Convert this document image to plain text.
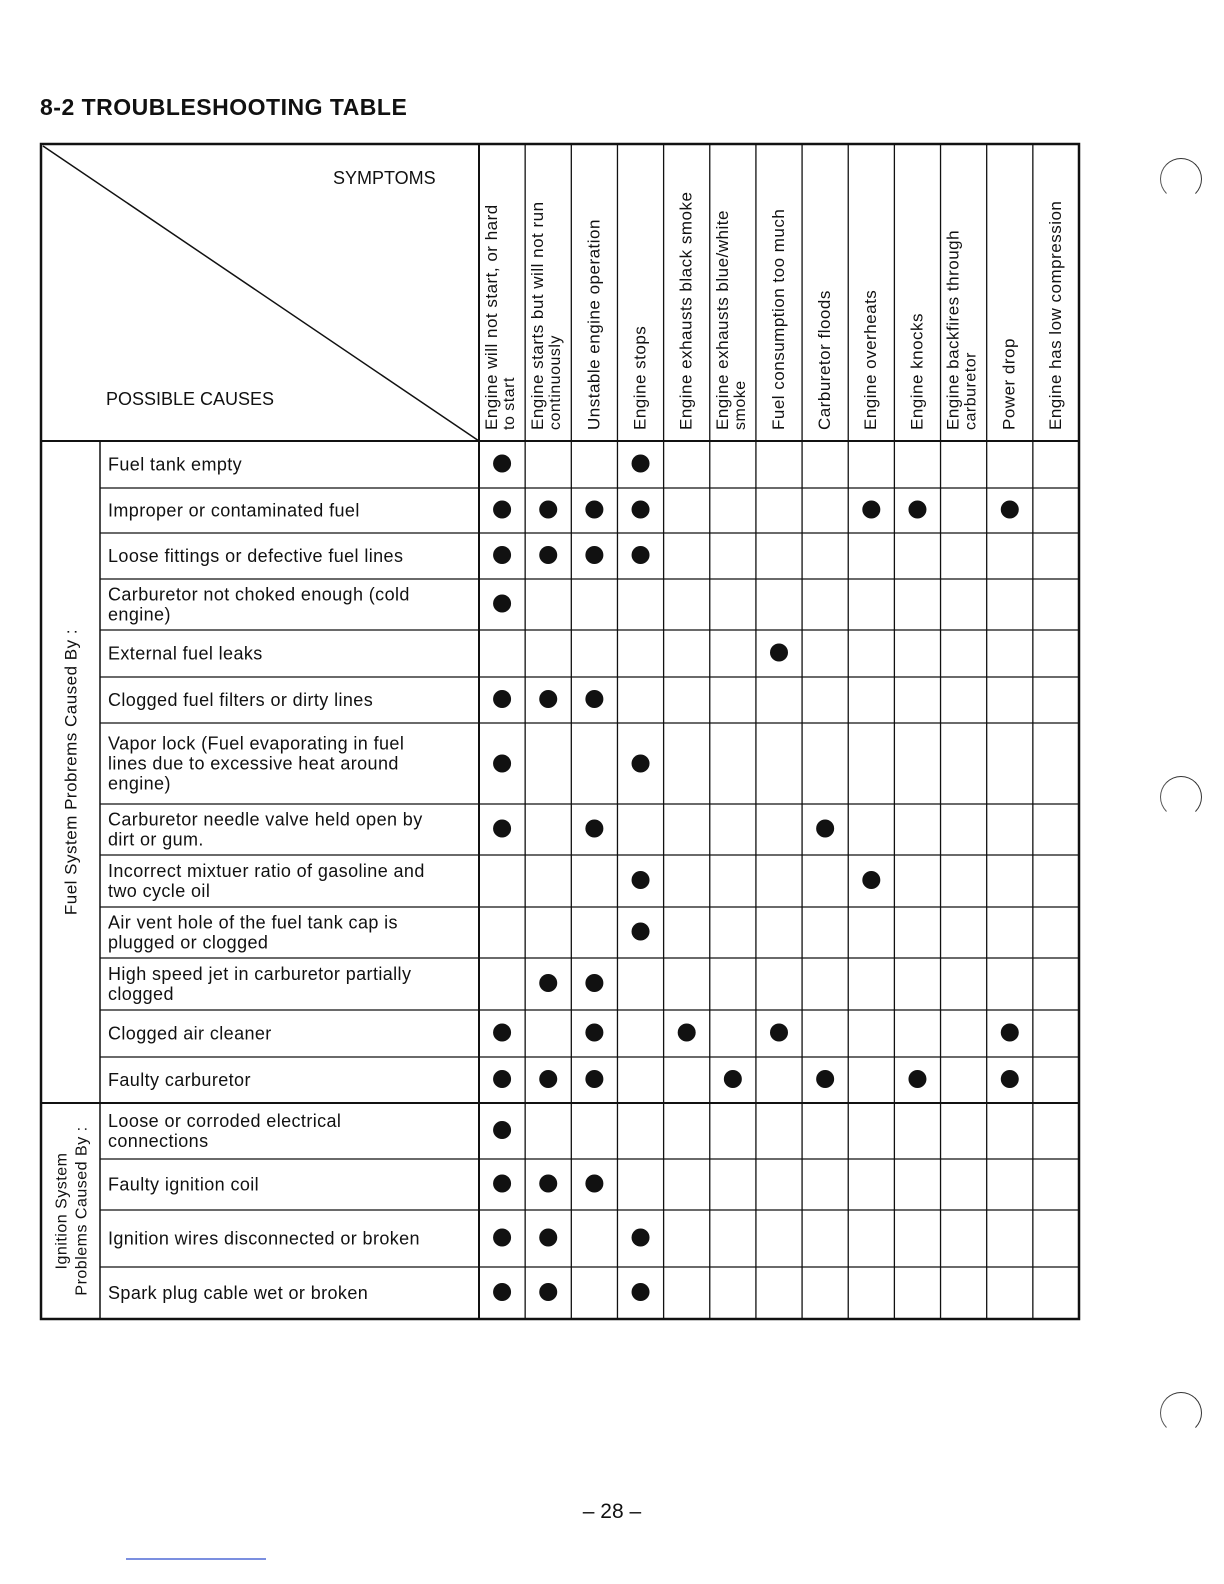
8-2 TROUBLESHOOTING TABLE
SYMPTOMS
POSSIBLE CAUSES	Engine will not start, or hard to start Engine starts but will not run continuously Unstable engine operation Engine stops Engine exhausts black smoke Engine exhausts blue/white smoke Fuel consumption too much Carburetor floods Engine overheats Engine knocks Engine backfires through carburetor Power drop Engine has low compression
Fuel System Probrems Caused By :
Ignition System Problems Caused By :
Fuel tank empty
Improper or contaminated fuel
Loose fittings or defective fuel lines
Carburetor not choked enough (cold
engine)
External fuel leaks
Clogged fuel filters or dirty lines
Vapor lock (Fuel evaporating in fuel
lines due to excessive heat around
engine)
Carburetor needle valve held open by
dirt or gum.
Incorrect mixtuer ratio of gasoline and
two cycle oil
Air vent hole of the fuel tank cap is
plugged or clogged
High speed jet in carburetor partially
clogged
Clogged air cleaner
Faulty carburetor
Loose or corroded electrical
connections
Faulty ignition coil
Ignition wires disconnected or broken
Spark plug cable wet or broken
– 28 –
